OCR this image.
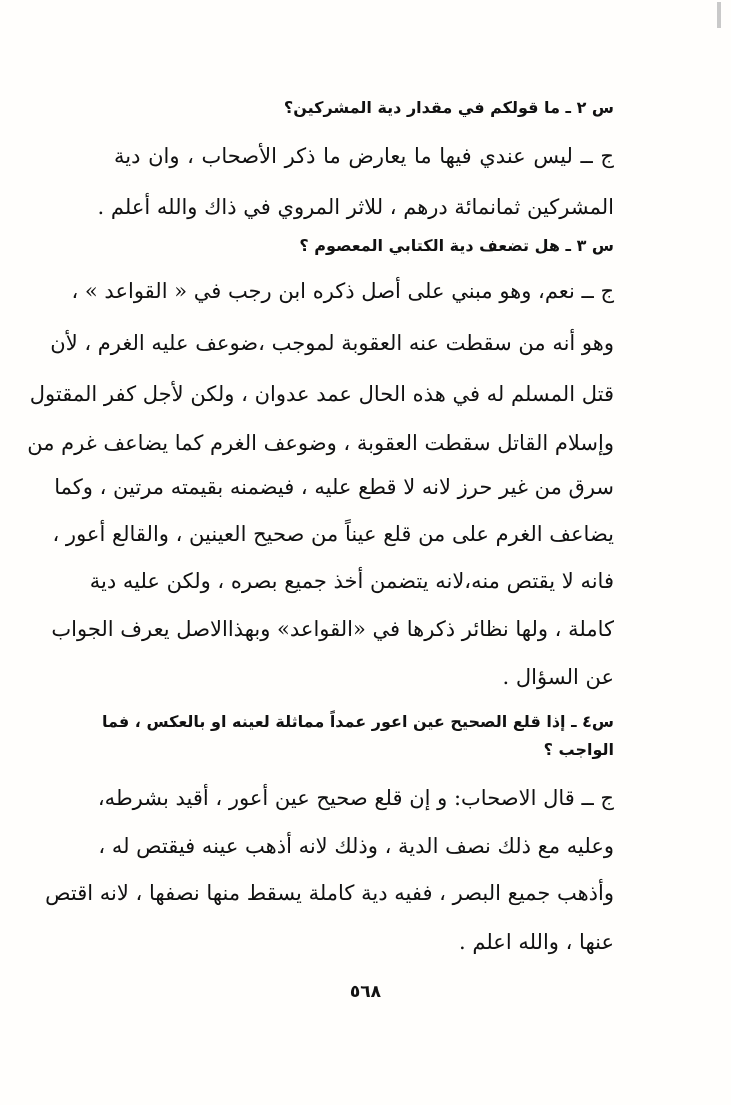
س ٢ ـ ما قولكم في مقدار دية المشركين؟
ج ــ ليس عندي فيها ما يعارض ما ذكر الأصحاب ، وان دية
المشركين ثمانمائة درهم ، للاثر المروي في ذاك والله أعلم .
س ٣ ـ هل تضعف دية الكتابي المعصوم ؟
ج ــ نعم، وهو مبني على أصل ذكره ابن رجب في « القواعد » ،
وهو أنه من سقطت عنه العقوبة لموجب ،ضوعف عليه الغرم ، لأن
قتل المسلم له في هذه الحال عمد عدوان ، ولكن لأجل كفر المقتول
وإسلام القاتل سقطت العقوبة ، وضوعف الغرم كما يضاعف غرم من
سرق من غير حرز لانه لا قطع عليه ، فيضمنه بقيمته مرتين ، وكما
يضاعف الغرم على من قلع عيناً من صحيح العينين ، والقالع أعور ،
فانه لا يقتص منه،لانه يتضمن أخذ جميع بصره ، ولكن عليه دية
كاملة ، ولها نظائر ذكرها في «القواعد» وبهذاالاصل يعرف الجواب
عن السؤال .
س٤ ـ إذا قلع الصحيح عين اعور عمداً مماثلة لعينه او بالعكس ، فما
الواجب ؟
ج ــ قال الاصحاب: و إن قلع صحيح عين أعور ، أقيد بشرطه،
وعليه مع ذلك نصف الدية ، وذلك لانه أذهب عينه فيقتص له ،
وأذهب جميع البصر ، ففيه دية كاملة يسقط منها نصفها ، لانه اقتص
عنها ، والله اعلم .
٥٦٨
